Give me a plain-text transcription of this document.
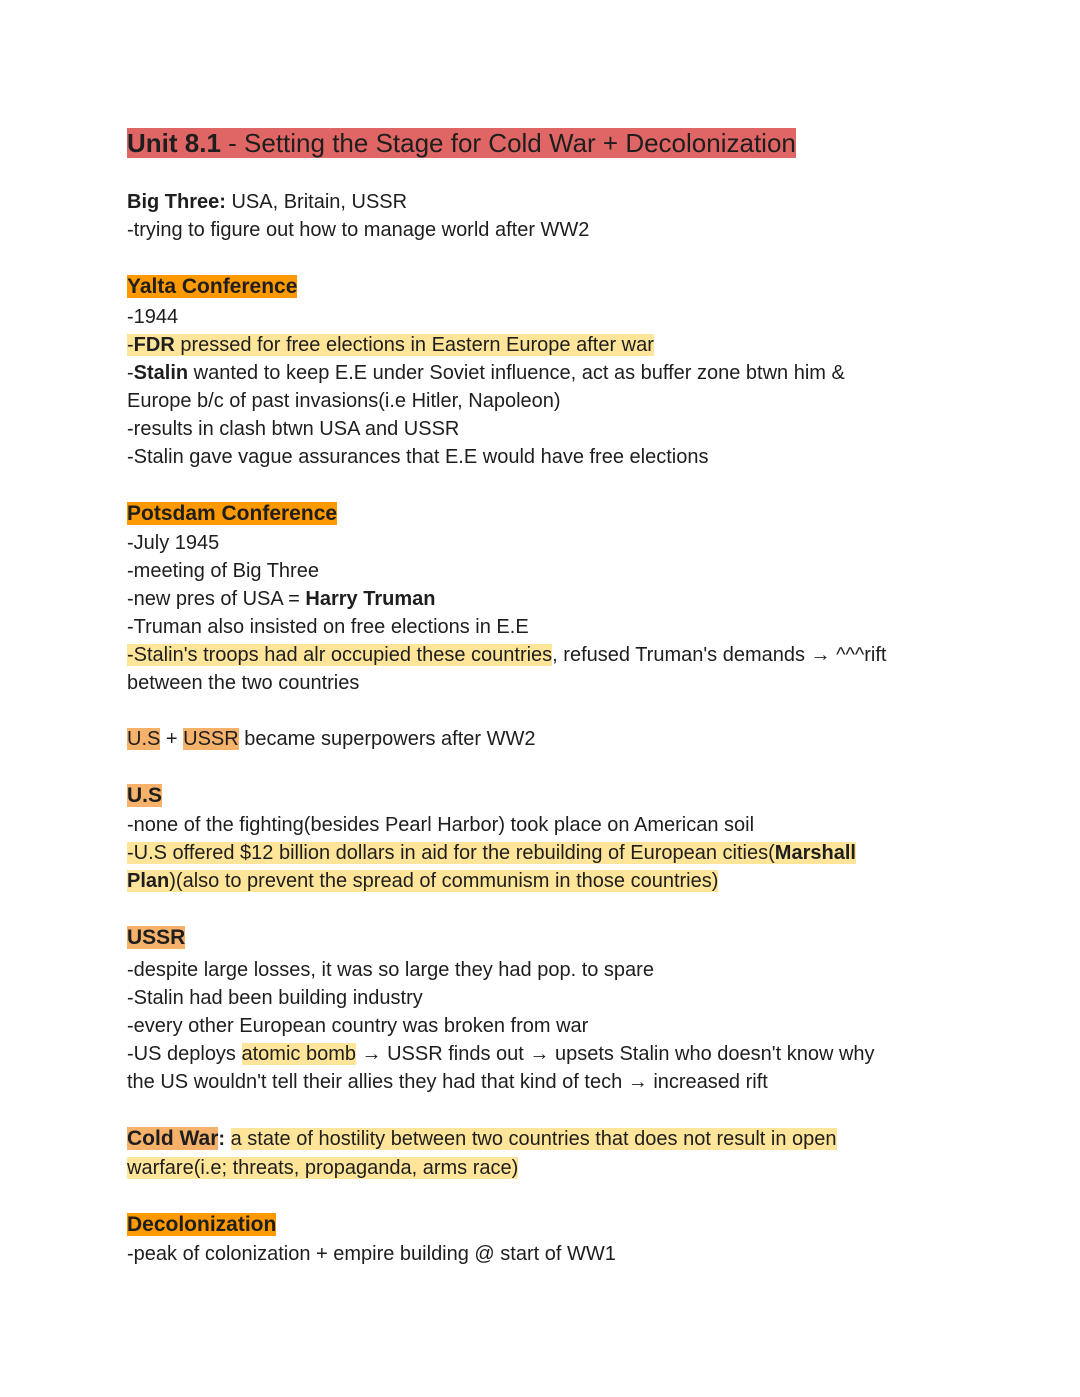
Unit 8.1 - Setting the Stage for Cold War + Decolonization
Big Three: USA, Britain, USSR
-trying to figure out how to manage world after WW2
Yalta Conference
-1944
-FDR pressed for free elections in Eastern Europe after war
-Stalin wanted to keep E.E under Soviet influence, act as buffer zone btwn him &
Europe b/c of past invasions(i.e Hitler, Napoleon)
-results in clash btwn USA and USSR
-Stalin gave vague assurances that E.E would have free elections
Potsdam Conference
-July 1945
-meeting of Big Three
-new pres of USA = Harry Truman
-Truman also insisted on free elections in E.E
-Stalin's troops had alr occupied these countries, refused Truman's demands → ^^^rift
between the two countries
U.S + USSR became superpowers after WW2
U.S
-none of the fighting(besides Pearl Harbor) took place on American soil
-U.S offered $12 billion dollars in aid for the rebuilding of European cities(Marshall
Plan)(also to prevent the spread of communism in those countries)
USSR
-despite large losses, it was so large they had pop. to spare
-Stalin had been building industry
-every other European country was broken from war
-US deploys atomic bomb → USSR finds out → upsets Stalin who doesn't know why
the US wouldn't tell their allies they had that kind of tech → increased rift
Cold War: a state of hostility between two countries that does not result in open
warfare(i.e; threats, propaganda, arms race)
Decolonization
-peak of colonization + empire building @ start of WW1
